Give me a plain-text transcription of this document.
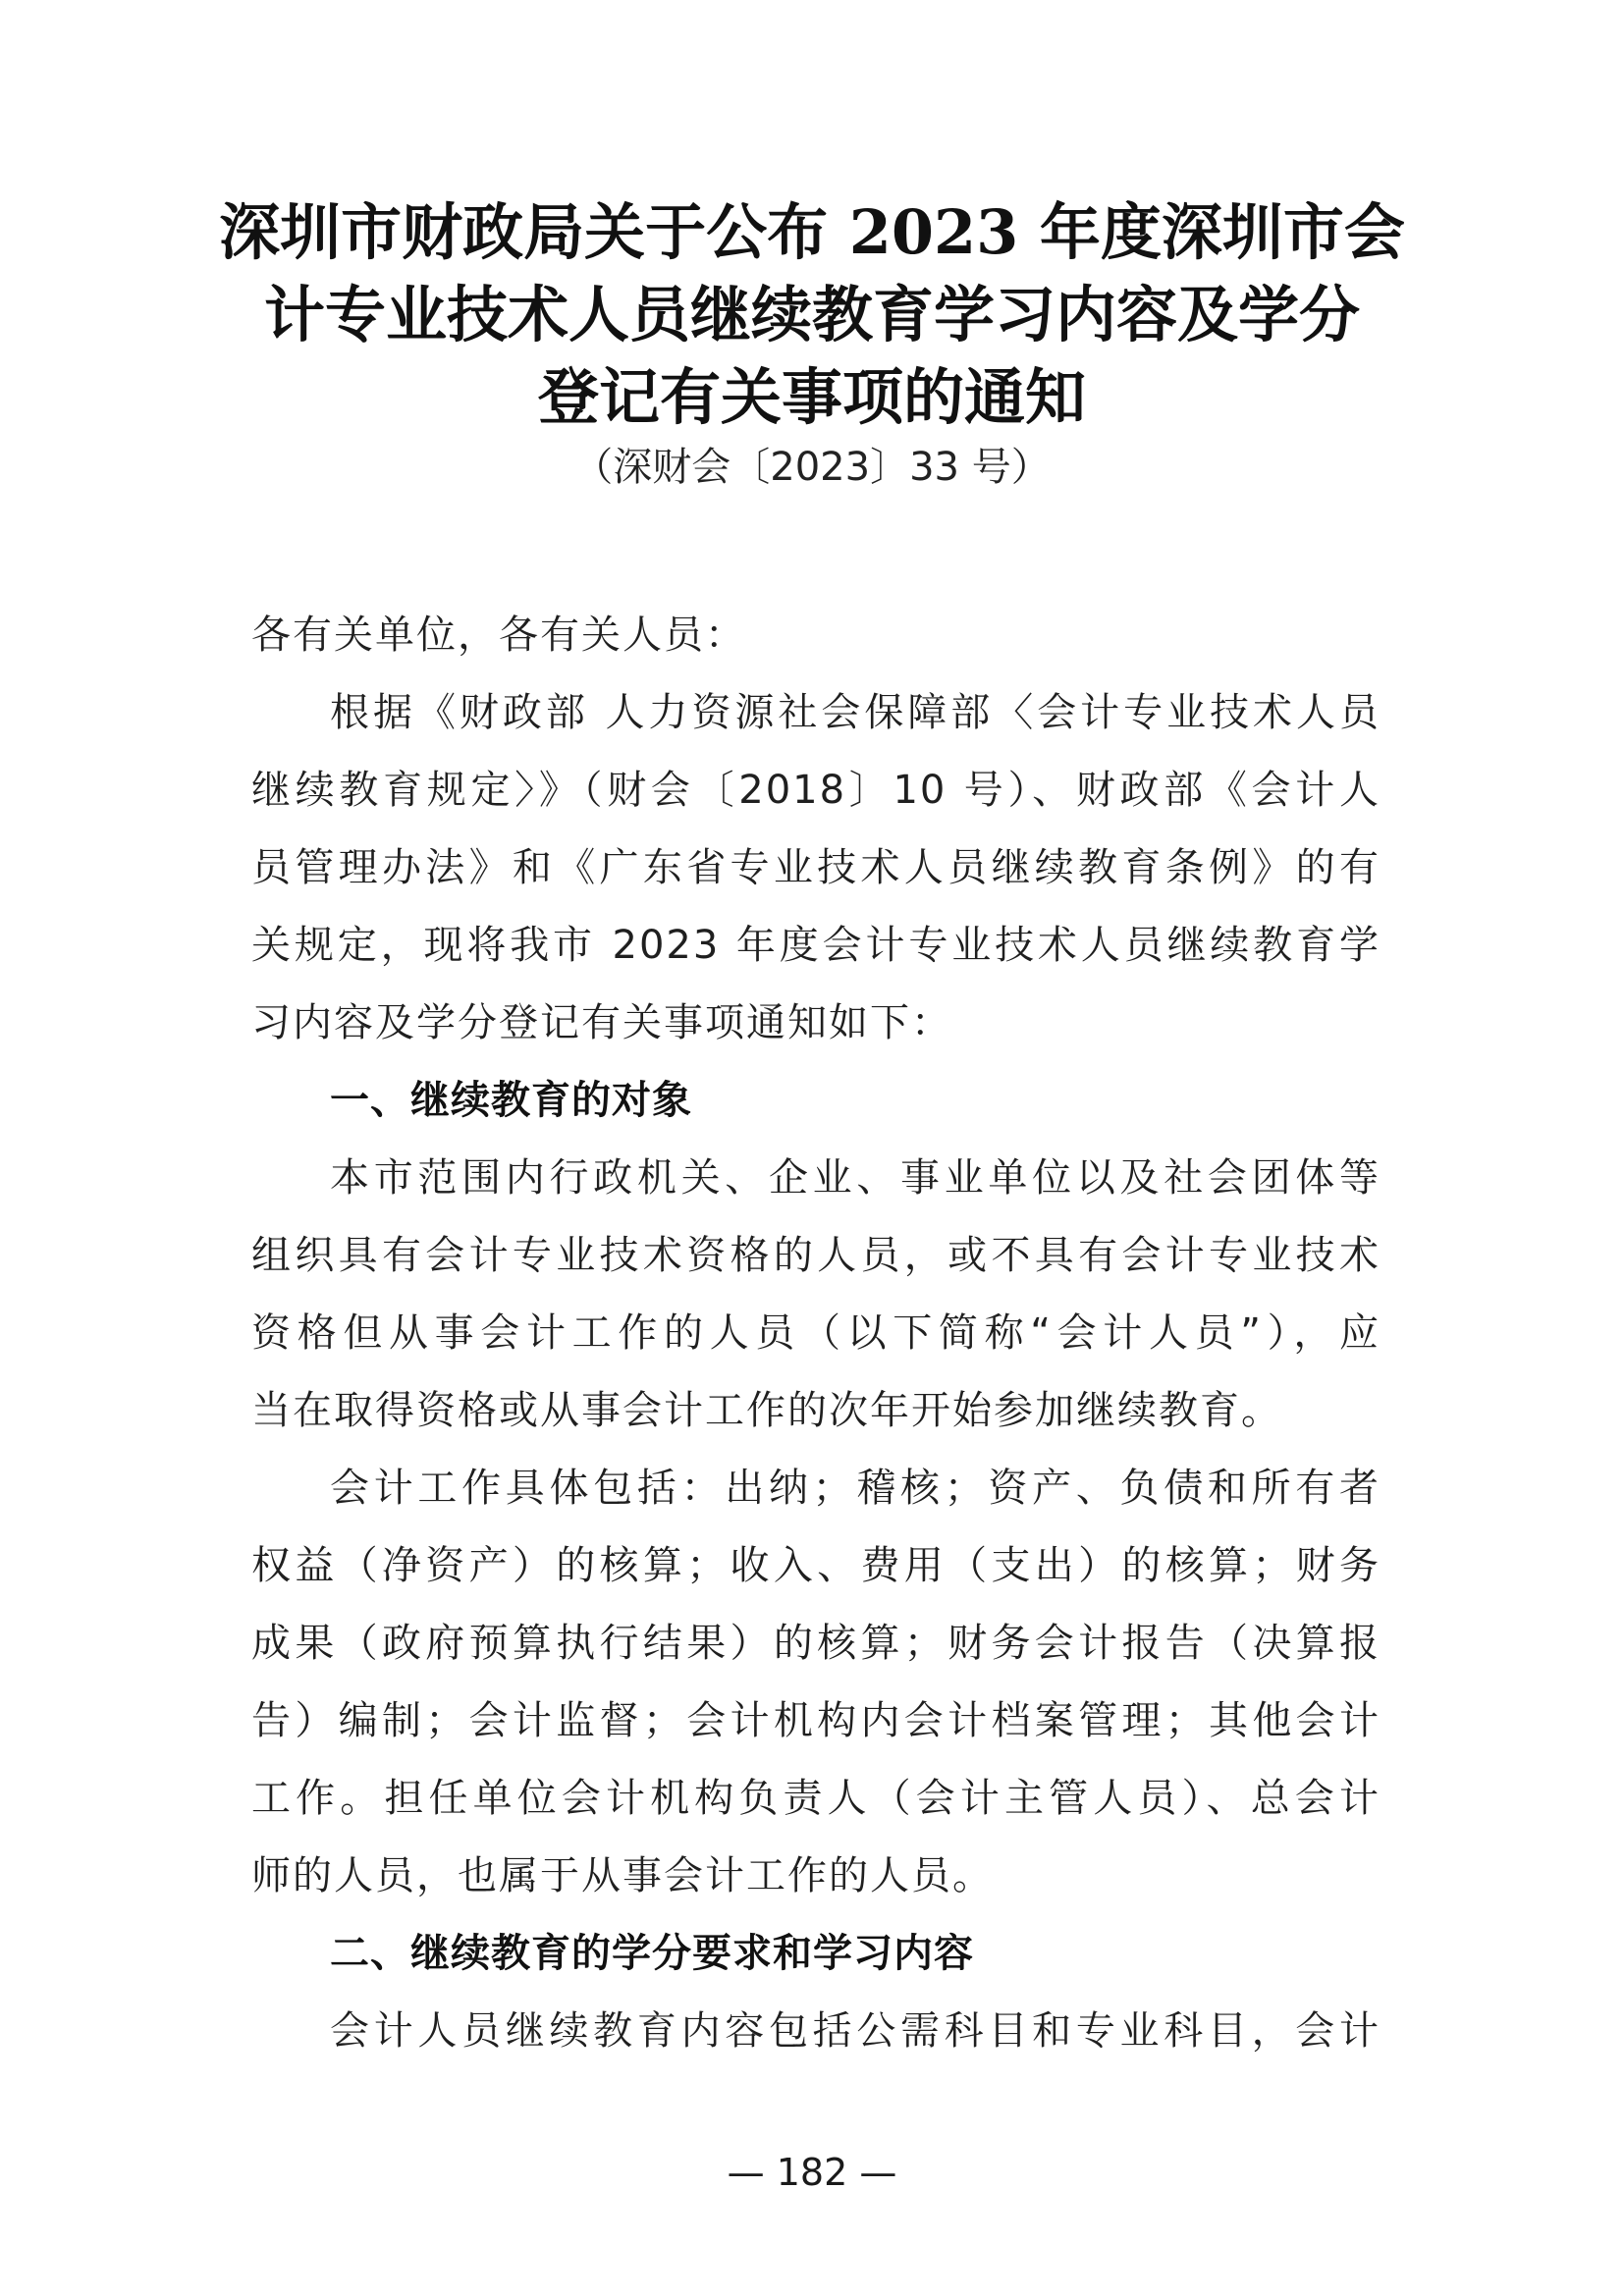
深圳市财政局关于公布 2023 年度深圳市会
计专业技术人员继续教育学习内容及学分
登记有关事项的通知
（深财会〔2023〕33 号）
各有关单位，各有关人员：
根据《财政部 人力资源社会保障部〈会计专业技术人员
继续教育规定〉》（财会〔2018〕10 号）、财政部《会计人
员管理办法》和《广东省专业技术人员继续教育条例》的有
关规定，现将我市 2023 年度会计专业技术人员继续教育学
习内容及学分登记有关事项通知如下：
一、继续教育的对象
本市范围内行政机关、企业、事业单位以及社会团体等
组织具有会计专业技术资格的人员，或不具有会计专业技术
资格但从事会计工作的人员（以下简称“会计人员”），应
当在取得资格或从事会计工作的次年开始参加继续教育。
会计工作具体包括：出纳；稽核；资产、负债和所有者
权益（净资产）的核算；收入、费用（支出）的核算；财务
成果（政府预算执行结果）的核算；财务会计报告（决算报
告）编制；会计监督；会计机构内会计档案管理；其他会计
工作。担任单位会计机构负责人（会计主管人员）、总会计
师的人员，也属于从事会计工作的人员。
二、继续教育的学分要求和学习内容
会计人员继续教育内容包括公需科目和专业科目，会计
— 182 —
